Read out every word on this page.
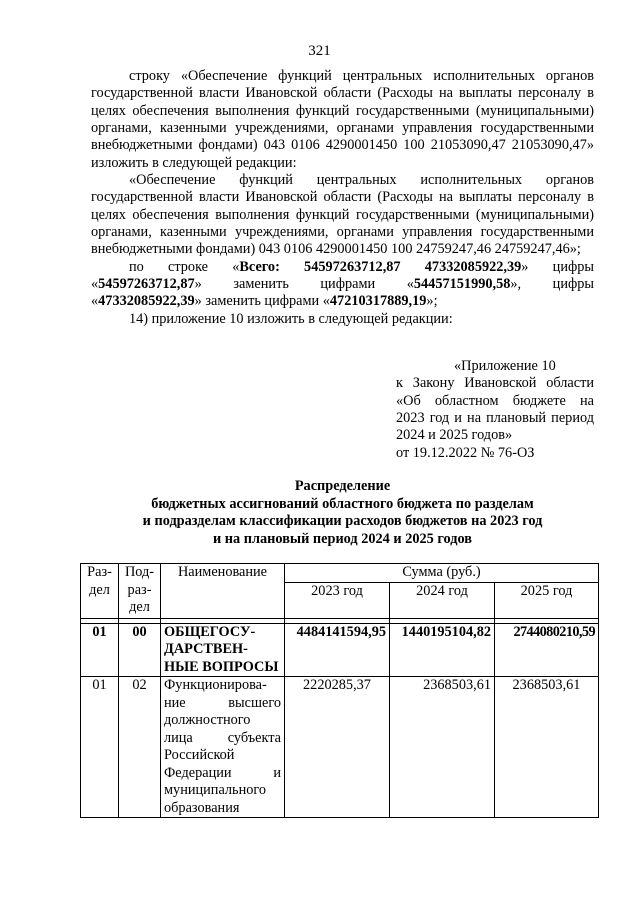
321

строку «Обеспечение функций центральных исполнительных органов государственной власти Ивановской области (Расходы на выплаты персоналу в целях обеспечения выполнения функций государственными (муниципальными) органами, казенными учреждениями, органами управления государственными внебюджетными фондами) 043 0106 4290001450 100 21053090,47 21053090,47» изложить в следующей редакции:

«Обеспечение функций центральных исполнительных органов государственной власти Ивановской области (Расходы на выплаты персоналу в целях обеспечения выполнения функций государственными (муниципальными) органами, казенными учреждениями, органами управления государственными внебюджетными фондами) 043 0106 4290001450 100 24759247,46 24759247,46»;

по строке «Всего: 54597263712,87 47332085922,39» цифры «54597263712,87» заменить цифрами «54457151990,58», цифры «47332085922,39» заменить цифрами «47210317889,19»;

14) приложение 10 изложить в следующей редакции:

«Приложение 10
к Закону Ивановской области «Об областном бюджете на 2023 год и на плановый период 2024 и 2025 годов»
от 19.12.2022 № 76-ОЗ
Распределение
бюджетных ассигнований областного бюджета по разделам
и подразделам классификации расходов бюджетов на 2023 год
и на плановый период 2024 и 2025 годов
Раз-дел	Под-раз-дел	Наименование	Сумма (руб.)		
			2023 год	2024 год	2025 год

01	00	ОБЩЕГОСУ-ДАРСТВЕН-НЫЕ ВОПРОСЫ	4484141594,95	1440195104,82	2744080210,59
01	02	Функционирование высшего должностного лица субъекта Российской Федерации и муниципального образования	2220285,37	2368503,61	2368503,61
